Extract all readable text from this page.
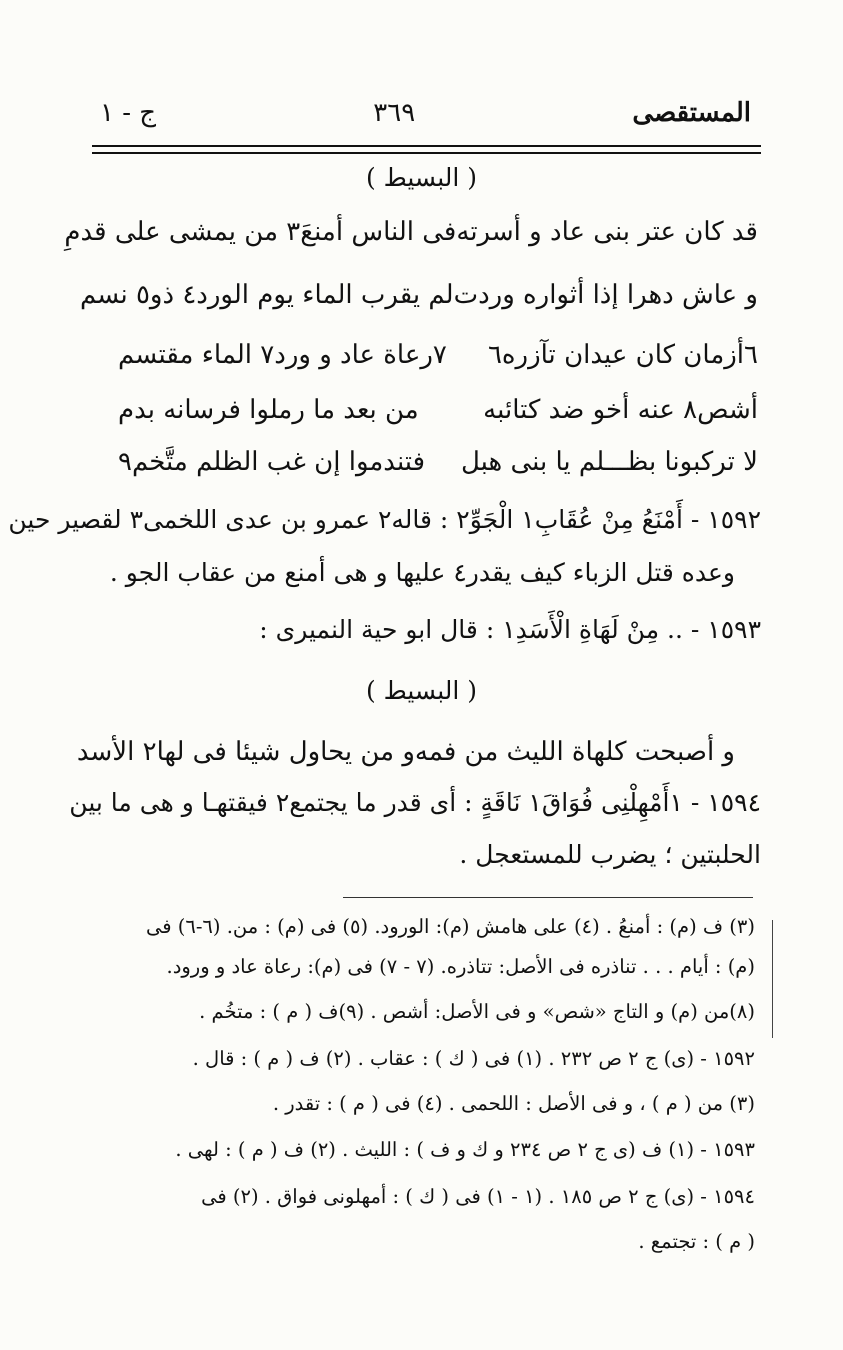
المستقصى
٣٦٩
ج - ١
( البسيط )
قد كان عتر بنى عاد و أسرته
فى الناس أمنعَ٣ من يمشى على قدمِ
و عاش دهرا إذا أثواره وردت
لم يقرب الماء يوم الورد٤ ذو٥ نسم
٦أزمان كان عيدان تآزره٦
٧رعاة عاد و ورد٧ الماء مقتسم
أشص٨ عنه أخو ضد كتائبه
من بعد ما رملوا فرسانه بدم
لا تركبونا بظـــلم يا بنى هبل
فتندموا إن غب الظلم متَّخم٩
١٥٩٢ - أَمْنَعُ مِنْ عُقَابِ١ الْجَوِّ٢ : قاله٢ عمرو بن عدى اللخمى٣ لقصير حين
وعده قتل الزباء كيف يقدر٤ عليها و هى أمنع من عقاب الجو .
١٥٩٣ - .. مِنْ لَهَاةِ الْأَسَدِ١ : قال ابو حية النميرى :
( البسيط )
و أصبحت كلهاة الليث من فمه
و من يحاول شيئا فى لها٢ الأسد
١٥٩٤ - ١أَمْهِلْنِى فُوَاقَ١ نَاقَةٍ : أى قدر ما يجتمع٢ فيقتهـا و هى ما بين
الحلبتين ؛ يضرب للمستعجل .
(٣) ف (م) : أمنعُ . (٤) على هامش (م): الورود. (٥) فى (م) : من. (٦-٦) فى
(م) : أيام . . . تناذره فى الأصل: تتاذره. (٧ - ٧) فى (م): رعاة عاد و ورود.
(٨)من (م) و التاج «شص» و فى الأصل: أشص . (٩)ف ( م ) : متخُم .
١٥٩٢ - (ى) ج ٢ ص ٢٣٢ . (١) فى ( ك ) : عقاب . (٢) ف ( م ) : قال .
(٣) من ( م ) ، و فى الأصل : اللحمى . (٤) فى ( م ) : تقدر .
١٥٩٣ - (١) ف (ى ج ٢ ص ٢٣٤ و ك و ف ) : الليث . (٢) ف ( م ) : لهى .
١٥٩٤ - (ى) ج ٢ ص ١٨٥ . (١ - ١) فى ( ك ) : أمهلونى فواق . (٢) فى
( م ) : تجتمع .
